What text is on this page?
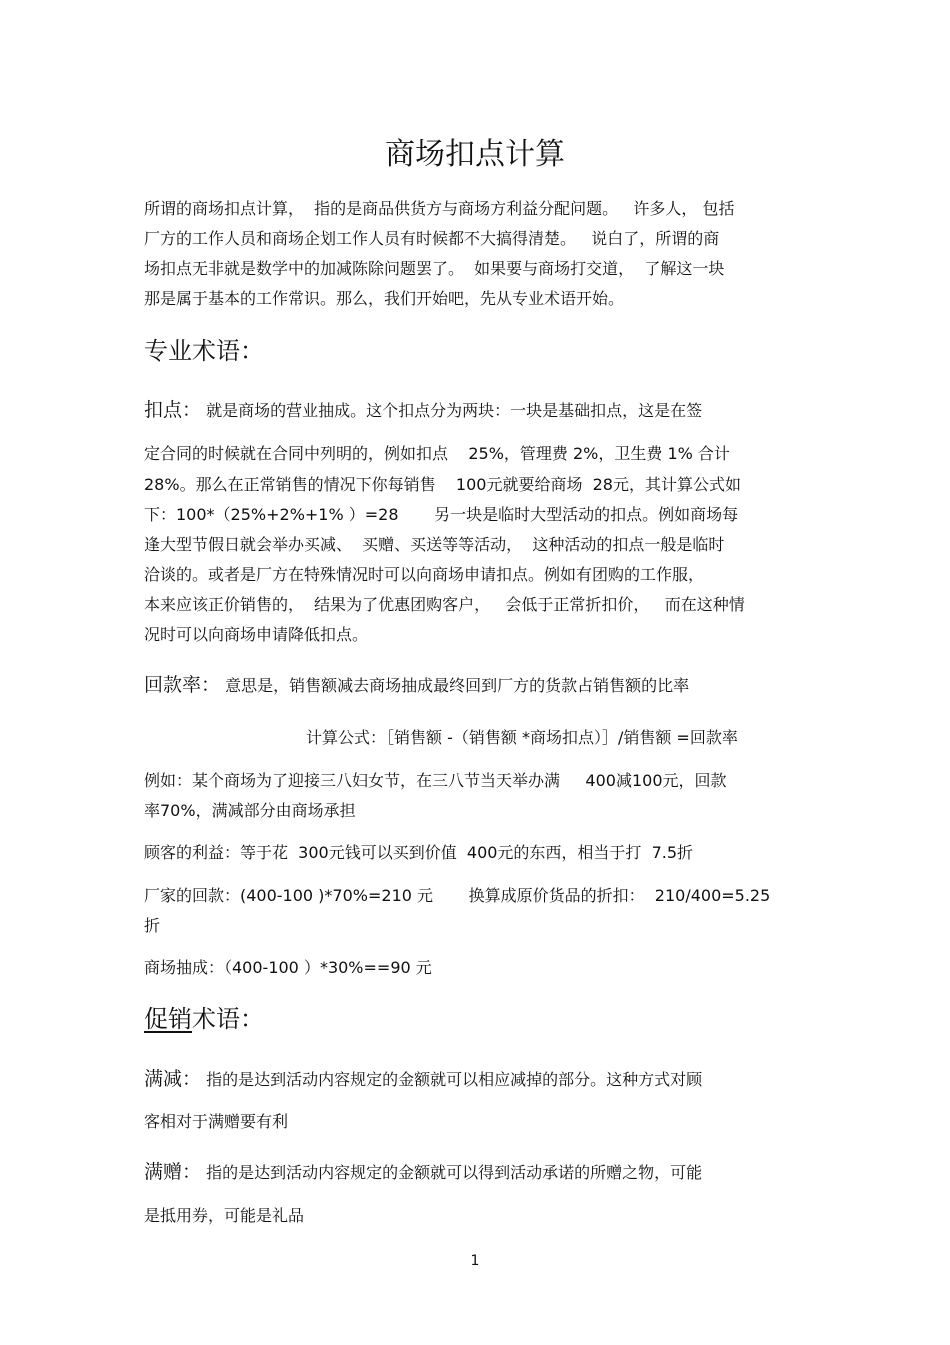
商场扣点计算
所谓的商场扣点计算，  指的是商品供货方与商场方利益分配问题。   许多人， 包括
厂方的工作人员和商场企划工作人员有时候都不大搞得清楚。   说白了，所谓的商
场扣点无非就是数学中的加减陈除问题罢了。  如果要与商场打交道，  了解这一块
那是属于基本的工作常识。那么，我们开始吧，先从专业术语开始。
专业术语：
扣点： 就是商场的营业抽成。这个扣点分为两块：一块是基础扣点，这是在签
定合同的时候就在合同中列明的，例如扣点    25%，管理费 2%，卫生费 1% 合计
28%。那么在正常销售的情况下你每销售    100元就要给商场  28元，其计算公式如
下：100*（25%+2%+1% ）=28       另一块是临时大型活动的扣点。例如商场每
逢大型节假日就会举办买减、  买赠、买送等等活动，  这种活动的扣点一般是临时
洽谈的。或者是厂方在特殊情况时可以向商场申请扣点。例如有团购的工作服，
本来应该正价销售的，  结果为了优惠团购客户，   会低于正常折扣价，   而在这种情
况时可以向商场申请降低扣点。
回款率： 意思是，销售额减去商场抽成最终回到厂方的货款占销售额的比率
计算公式：［销售额 -（销售额 *商场扣点）］/销售额 =回款率
例如：某个商场为了迎接三八妇女节，在三八节当天举办满     400减100元，回款
率70%，满减部分由商场承担
顾客的利益：等于花  300元钱可以买到价值  400元的东西，相当于打  7.5折
厂家的回款：(400-100 )*70%=210 元       换算成原价货品的折扣：  210/400=5.25
折
商场抽成：（400-100 ）*30%==90 元
促销术语：
满减： 指的是达到活动内容规定的金额就可以相应减掉的部分。这种方式对顾
客相对于满赠要有利
满赠： 指的是达到活动内容规定的金额就可以得到活动承诺的所赠之物，可能
是抵用券，可能是礼品
1
